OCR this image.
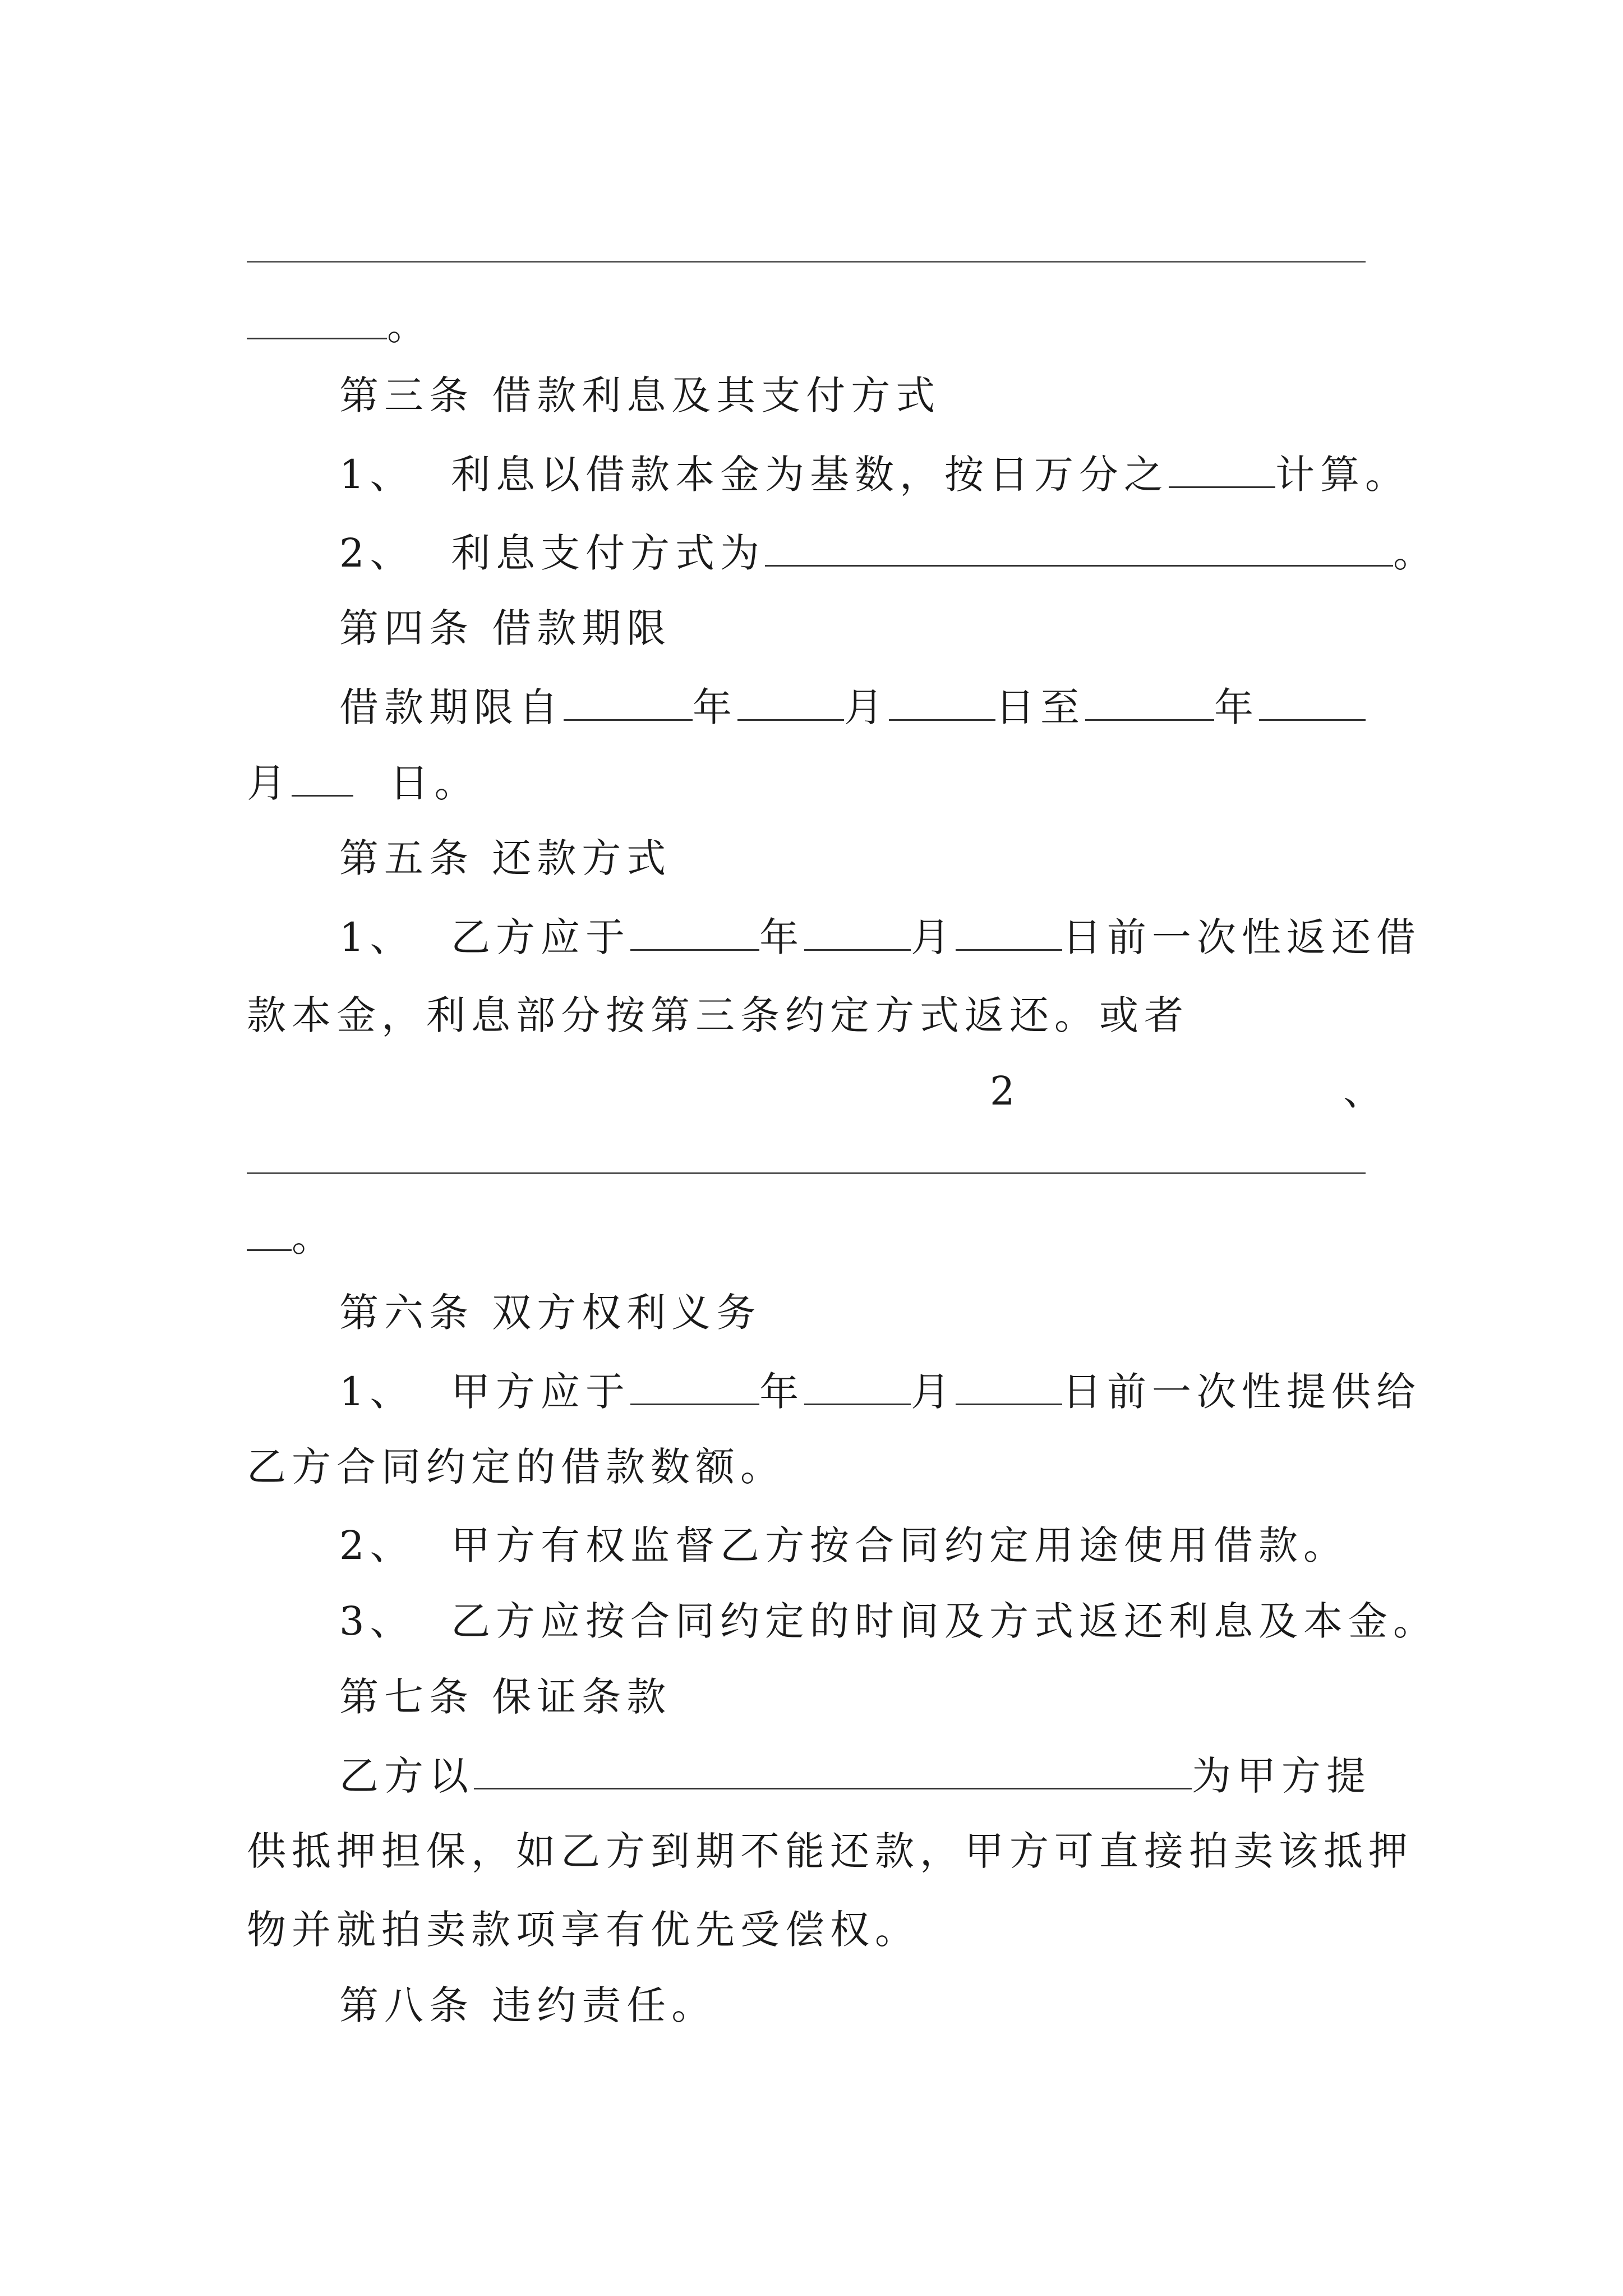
。
第三条 借款利息及其支付方式
1、 利息以借款本金为基数，按日万分之	计算。
2、 利息支付方式为	。
第四条 借款期限
借款期限自	年	月	日至	年
月 日。
第五条 还款方式
1、 乙方应于	年	月	日前一次性返还借
款本金，利息部分按第三条约定方式返还。或者
2	、
。
第六条 双方权利义务
1、 甲方应于	年	月	日前一次性提供给
乙方合同约定的借款数额。
2、 甲方有权监督乙方按合同约定用途使用借款。
3、 乙方应按合同约定的时间及方式返还利息及本金。
第七条 保证条款
乙方以	为甲方提
供抵押担保，如乙方到期不能还款，甲方可直接拍卖该抵押
物并就拍卖款项享有优先受偿权。
第八条 违约责任。
